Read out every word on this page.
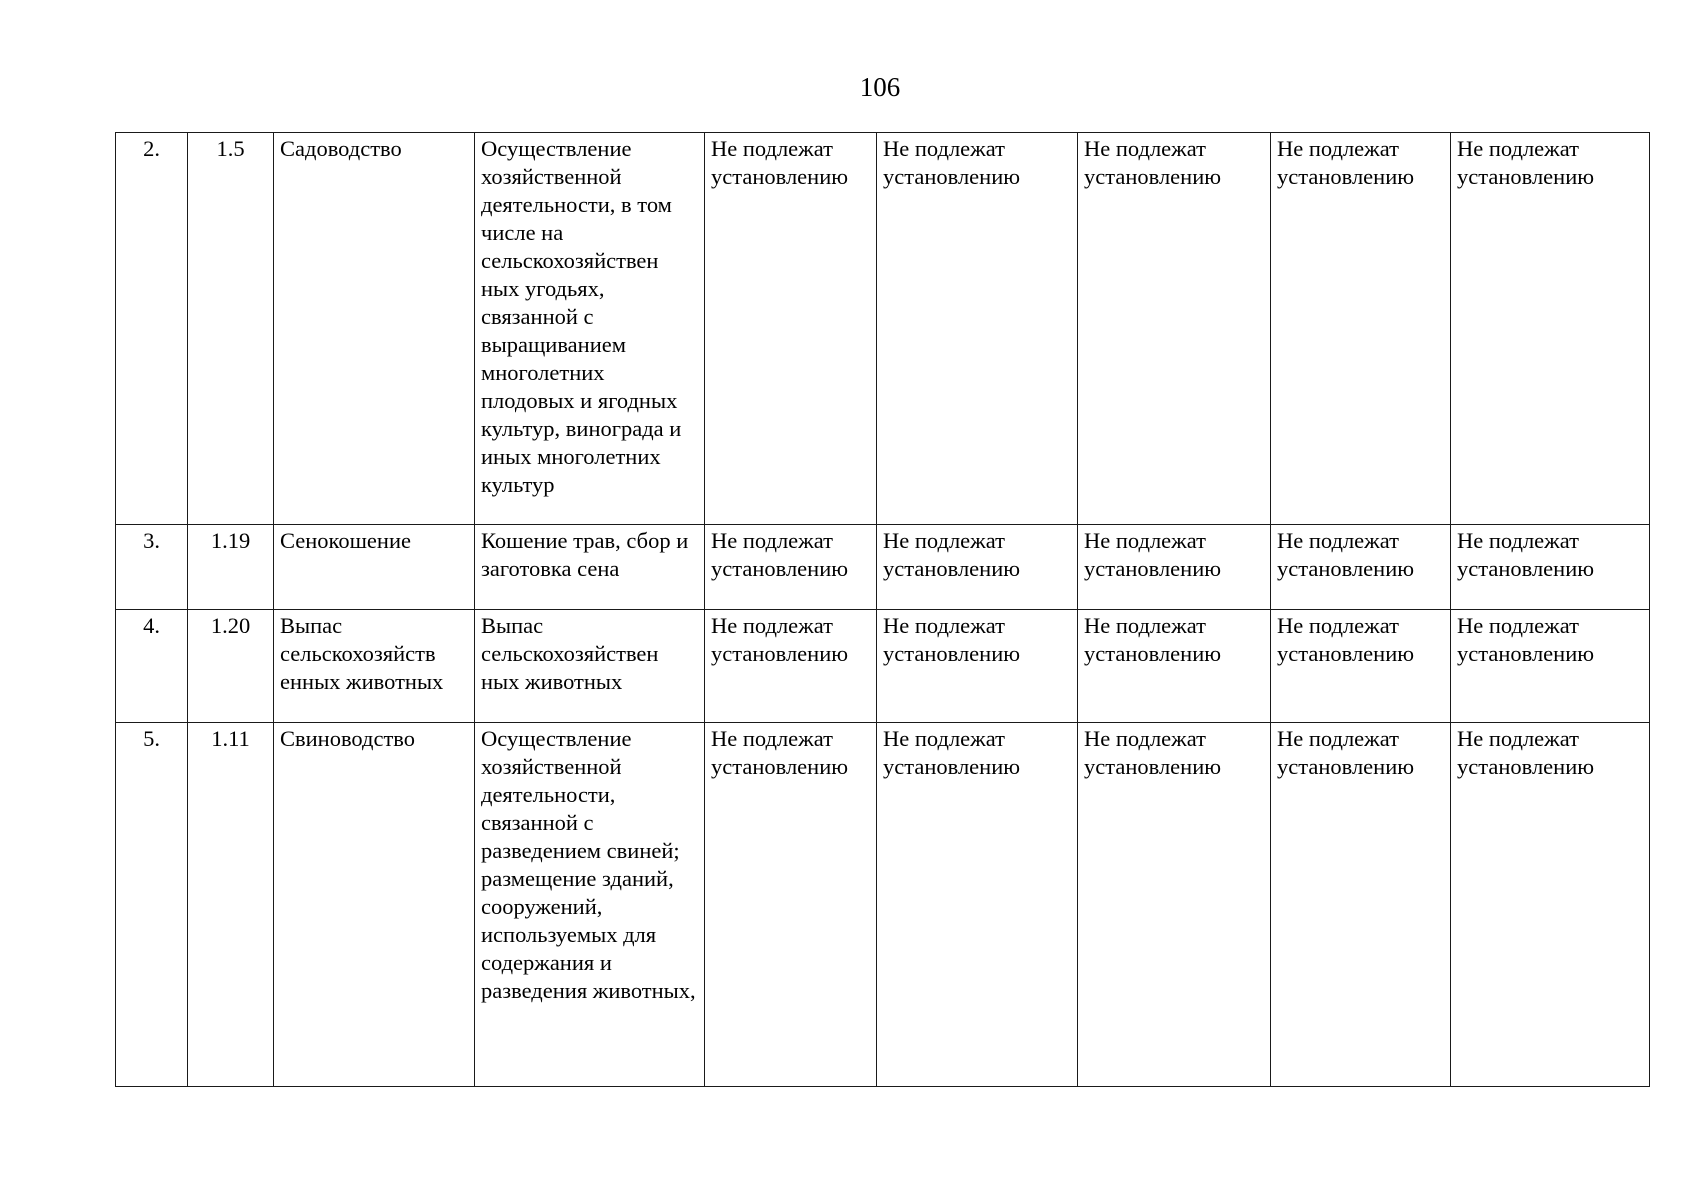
106
2.	1.5	Садоводство	Осуществление хозяйственной деятельности, в том числе на сельскохозяйствен ных угодьях, связанной с выращиванием многолетних плодовых и ягодных культур, винограда и иных многолетних культур	Не подлежат установлению	Не подлежат установлению	Не подлежат установлению	Не подлежат установлению	Не подлежат установлению
3.	1.19	Сенокошение	Кошение трав, сбор и заготовка сена	Не подлежат установлению	Не подлежат установлению	Не подлежат установлению	Не подлежат установлению	Не подлежат установлению
4.	1.20	Выпас сельскохозяйств енных животных	Выпас сельскохозяйствен ных животных	Не подлежат установлению	Не подлежат установлению	Не подлежат установлению	Не подлежат установлению	Не подлежат установлению
5.	1.11	Свиноводство	Осуществление хозяйственной деятельности, связанной с разведением свиней; размещение зданий, сооружений, используемых для содержания и разведения животных,	Не подлежат установлению	Не подлежат установлению	Не подлежат установлению	Не подлежат установлению	Не подлежат установлению
